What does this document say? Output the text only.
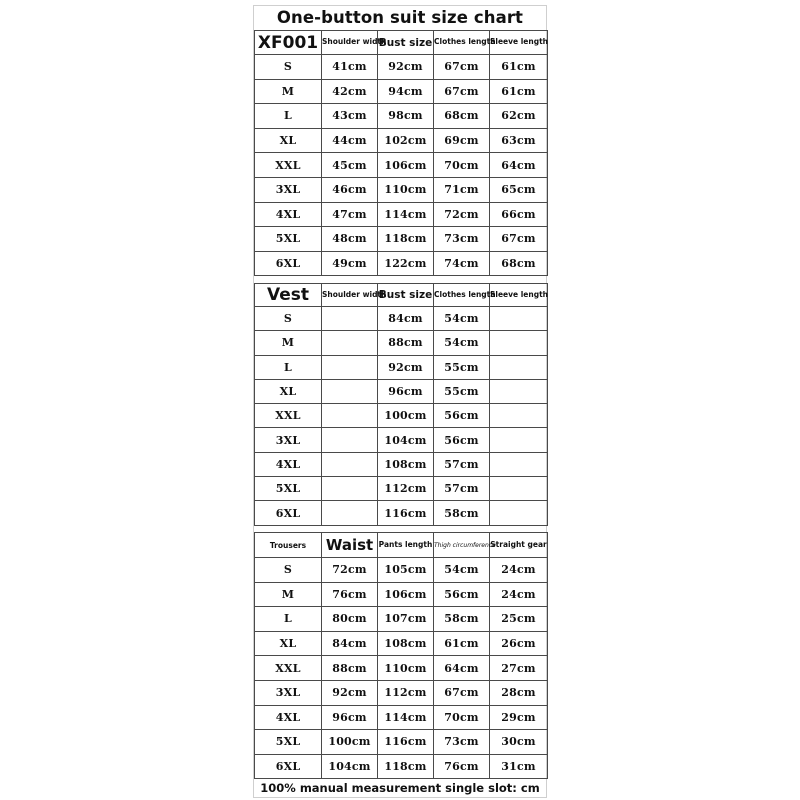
One-button suit size chart
XF001	Shoulder width	Bust size	Clothes length	Sleeve length
S	41cm	92cm	67cm	61cm
M	42cm	94cm	67cm	61cm
L	43cm	98cm	68cm	62cm
XL	44cm	102cm	69cm	63cm
XXL	45cm	106cm	70cm	64cm
3XL	46cm	110cm	71cm	65cm
4XL	47cm	114cm	72cm	66cm
5XL	48cm	118cm	73cm	67cm
6XL	49cm	122cm	74cm	68cm
Vest	Shoulder width	Bust size	Clothes length	Sleeve length
S		84cm	54cm	
M		88cm	54cm	
L		92cm	55cm	
XL		96cm	55cm	
XXL		100cm	56cm	
3XL		104cm	56cm	
4XL		108cm	57cm	
5XL		112cm	57cm	
6XL		116cm	58cm	
Trousers	Waist	Pants length	Thigh circumference	Straight gear
S	72cm	105cm	54cm	24cm
M	76cm	106cm	56cm	24cm
L	80cm	107cm	58cm	25cm
XL	84cm	108cm	61cm	26cm
XXL	88cm	110cm	64cm	27cm
3XL	92cm	112cm	67cm	28cm
4XL	96cm	114cm	70cm	29cm
5XL	100cm	116cm	73cm	30cm
6XL	104cm	118cm	76cm	31cm
100% manual measurement single slot: cm
